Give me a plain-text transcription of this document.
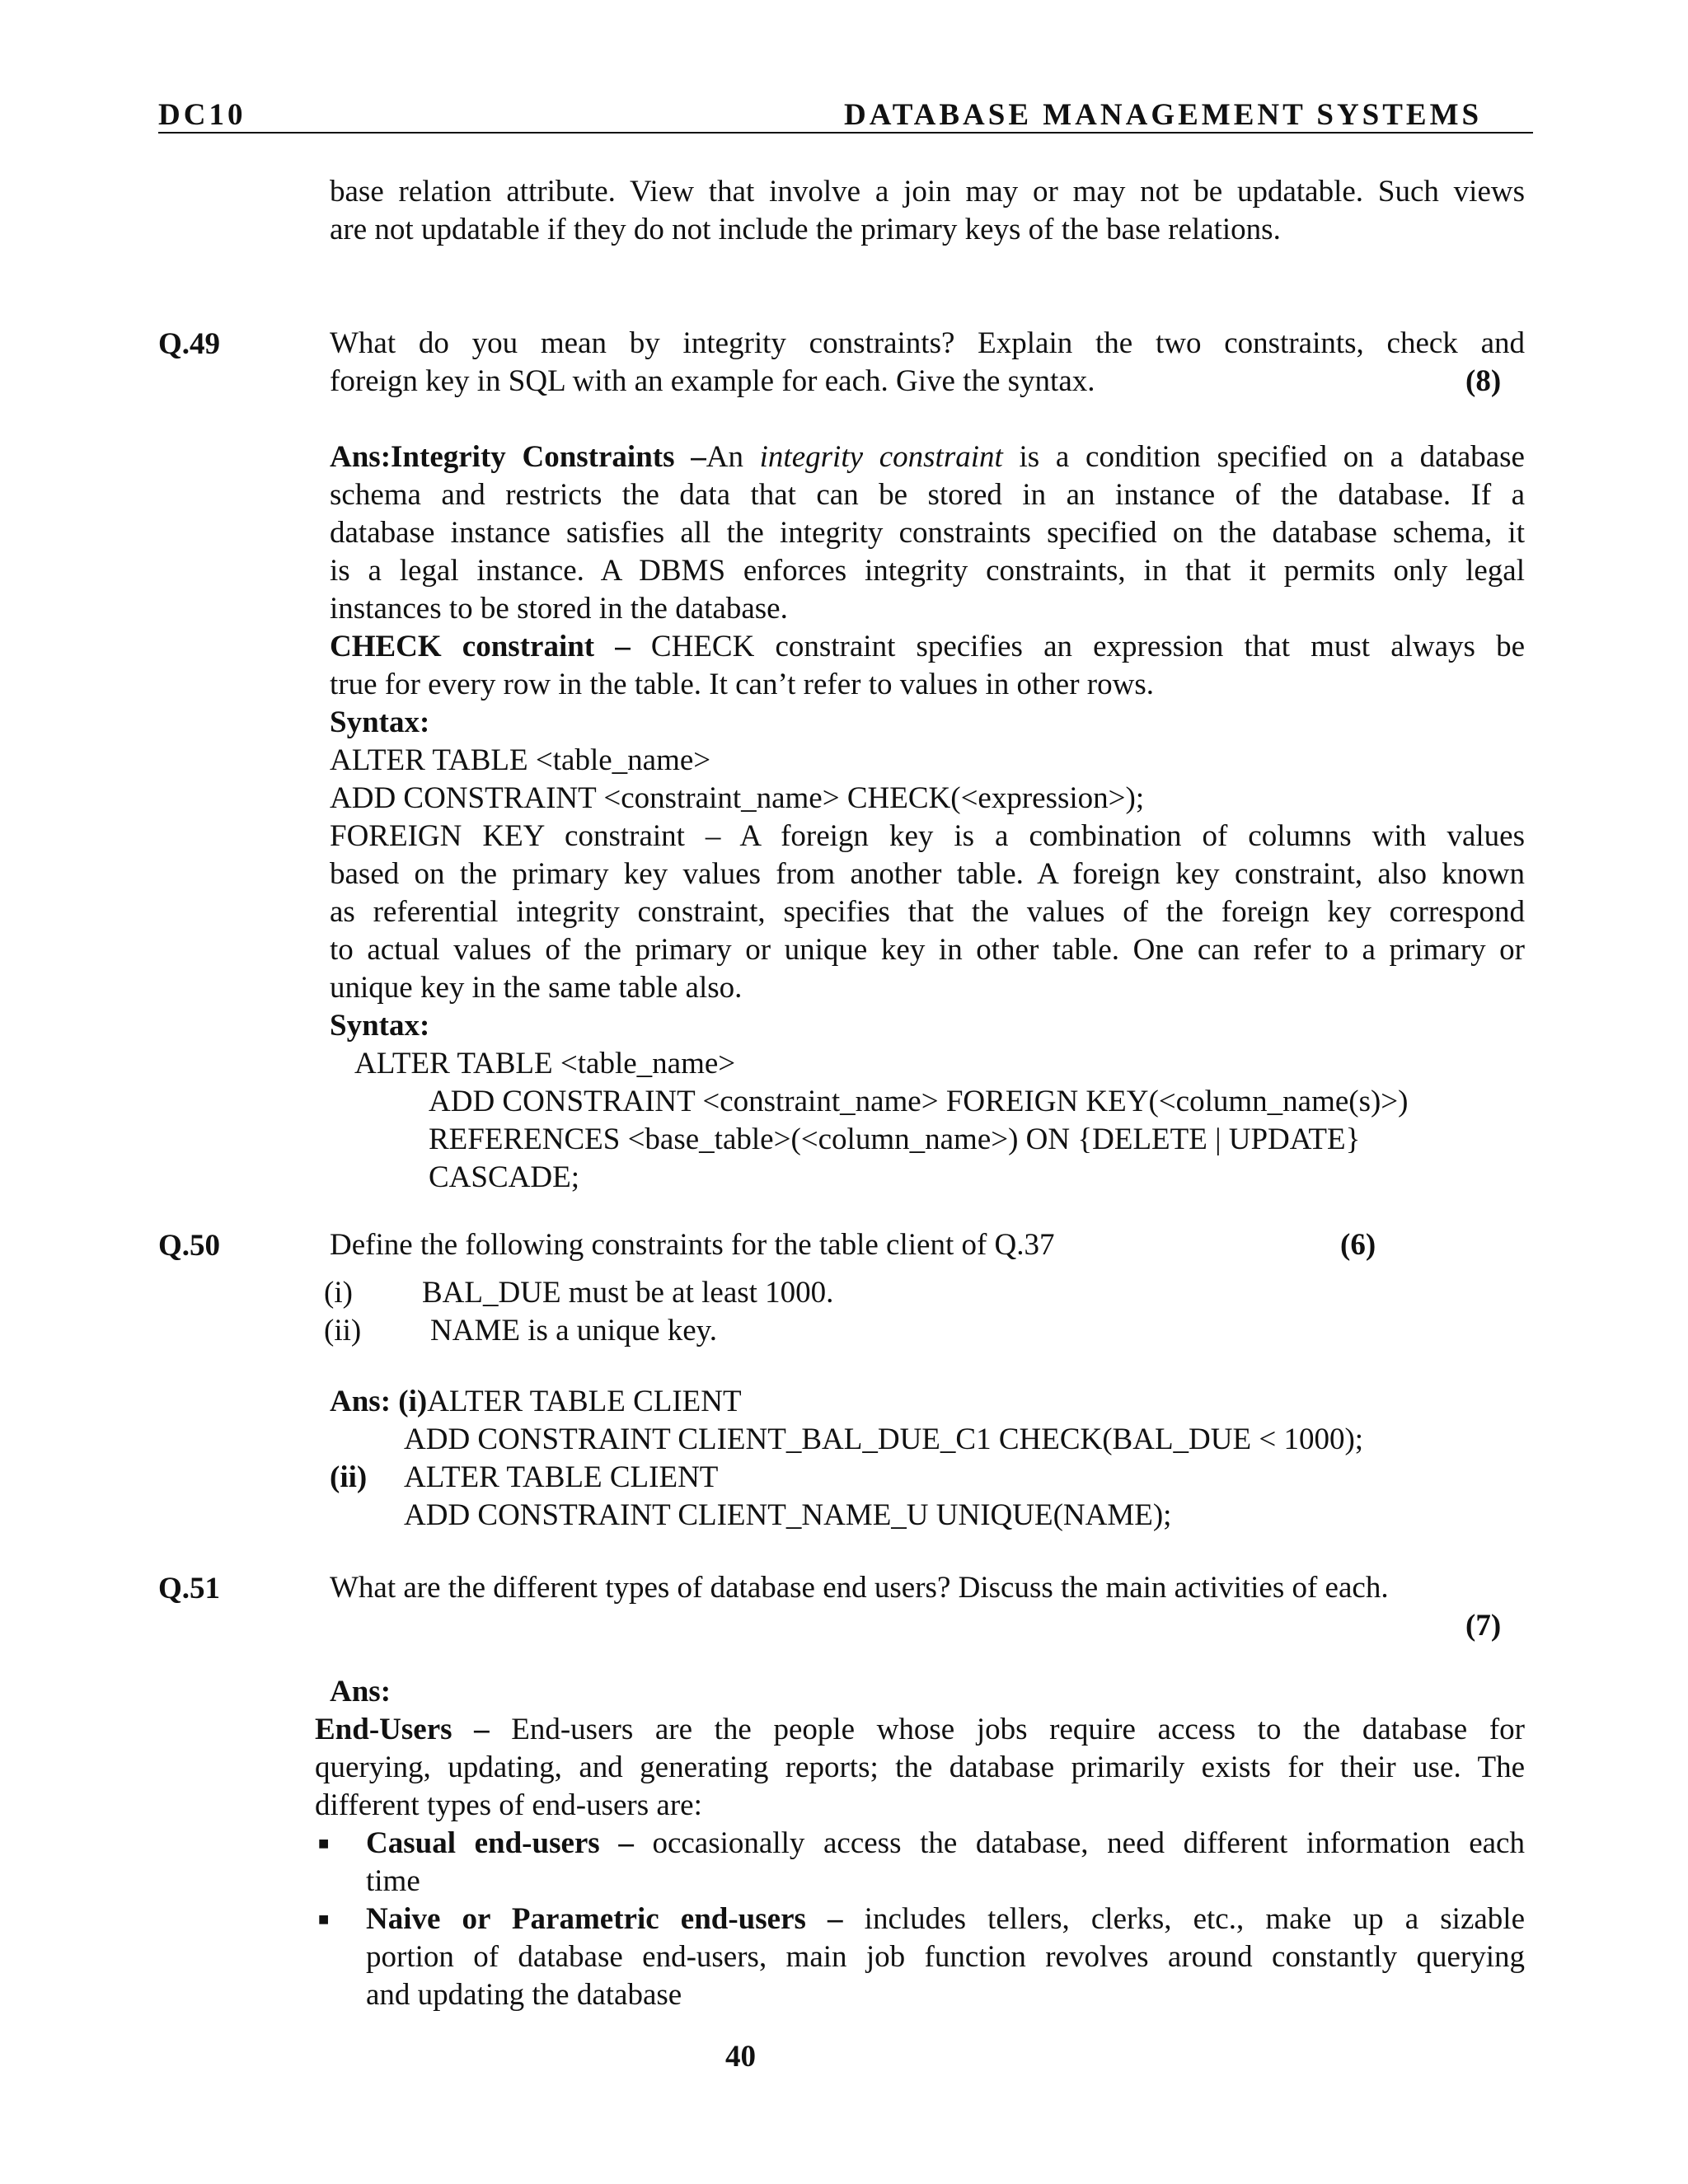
DC10	DATABASE MANAGEMENT SYSTEMS
base relation attribute. View that involve a join may or may not be updatable. Such views
are not updatable if they do not include the primary keys of the base relations.
Q.49	What do you mean by integrity constraints? Explain the two constraints, check and
foreign key in SQL with an example for each. Give the syntax.	(8)
Ans:Integrity Constraints –An integrity constraint is a condition specified on a database
schema and restricts the data that can be stored in an instance of the database. If a
database instance satisfies all the integrity constraints specified on the database schema, it
is a legal instance. A DBMS enforces integrity constraints, in that it permits only legal
instances to be stored in the database.
CHECK constraint – CHECK constraint specifies an expression that must always be
true for every row in the table. It can’t refer to values in other rows.
Syntax:
ALTER TABLE <table_name>
ADD CONSTRAINT <constraint_name> CHECK(<expression>);
FOREIGN KEY constraint – A foreign key is a combination of columns with values
based on the primary key values from another table. A foreign key constraint, also known
as referential integrity constraint, specifies that the values of the foreign key correspond
to actual values of the primary or unique key in other table. One can refer to a primary or
unique key in the same table also.
Syntax:
ALTER TABLE <table_name>
ADD CONSTRAINT <constraint_name> FOREIGN KEY(<column_name(s)>)
REFERENCES <base_table>(<column_name>) ON {DELETE | UPDATE}
CASCADE;
Q.50	Define the following constraints for the table client of Q.37	(6)
(i) BAL_DUE must be at least 1000.
(ii) NAME is a unique key.
Ans: (i)ALTER TABLE CLIENT
ADD CONSTRAINT CLIENT_BAL_DUE_C1 CHECK(BAL_DUE < 1000);
(ii) ALTER TABLE CLIENT
ADD CONSTRAINT CLIENT_NAME_U UNIQUE(NAME);
Q.51	What are the different types of database end users? Discuss the main activities of each.
(7)
Ans:
End-Users – End-users are the people whose jobs require access to the database for
querying, updating, and generating reports; the database primarily exists for their use. The
different types of end-users are:
■ Casual end-users – occasionally access the database, need different information each
time
■ Naive or Parametric end-users – includes tellers, clerks, etc., make up a sizable
portion of database end-users, main job function revolves around constantly querying
and updating the database
40
